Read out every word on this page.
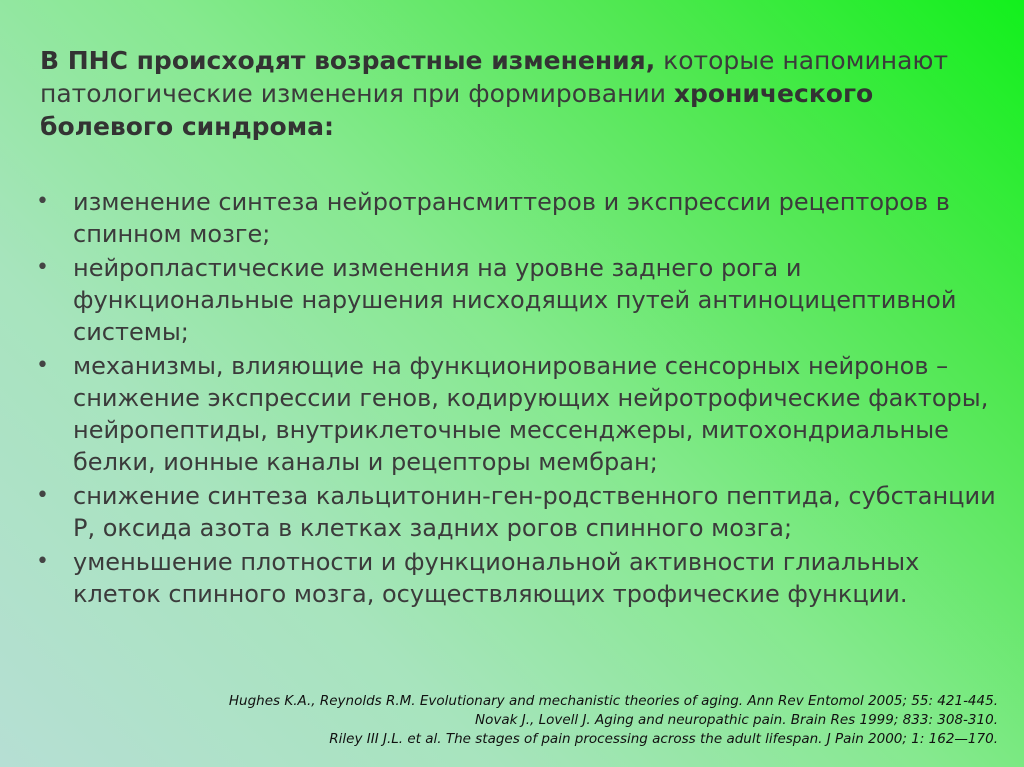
В ПНС происходят возрастные изменения, которые напоминают патологические изменения при формировании хронического болевого синдрома:

• изменение синтеза нейротрансмиттеров и экспрессии рецепторов в спинном мозге;
• нейропластические изменения на уровне заднего рога и функциональные нарушения нисходящих путей антиноцицептивной системы;
• механизмы, влияющие на функционирование сенсорных нейронов – снижение экспрессии генов, кодирующих нейротрофические факторы, нейропептиды, внутриклеточные мессенджеры, митохондриальные белки, ионные каналы и рецепторы мембран;
• снижение синтеза кальцитонин-ген-родственного пептида, субстанции Р, оксида азота в клетках задних рогов спинного мозга;
• уменьшение плотности и функциональной активности глиальных клеток спинного мозга, осуществляющих трофические функции.
Hughes K.A., Reynolds R.M. Evolutionary and mechanistic theories of aging. Ann Rev Entomol 2005; 55: 421-445.
Novak J., Lovell J. Aging and neuropathic pain. Brain Res 1999; 833: 308-310.
Riley III J.L. et al. The stages of pain processing across the adult lifespan. J Pain 2000; 1: 162—170.
